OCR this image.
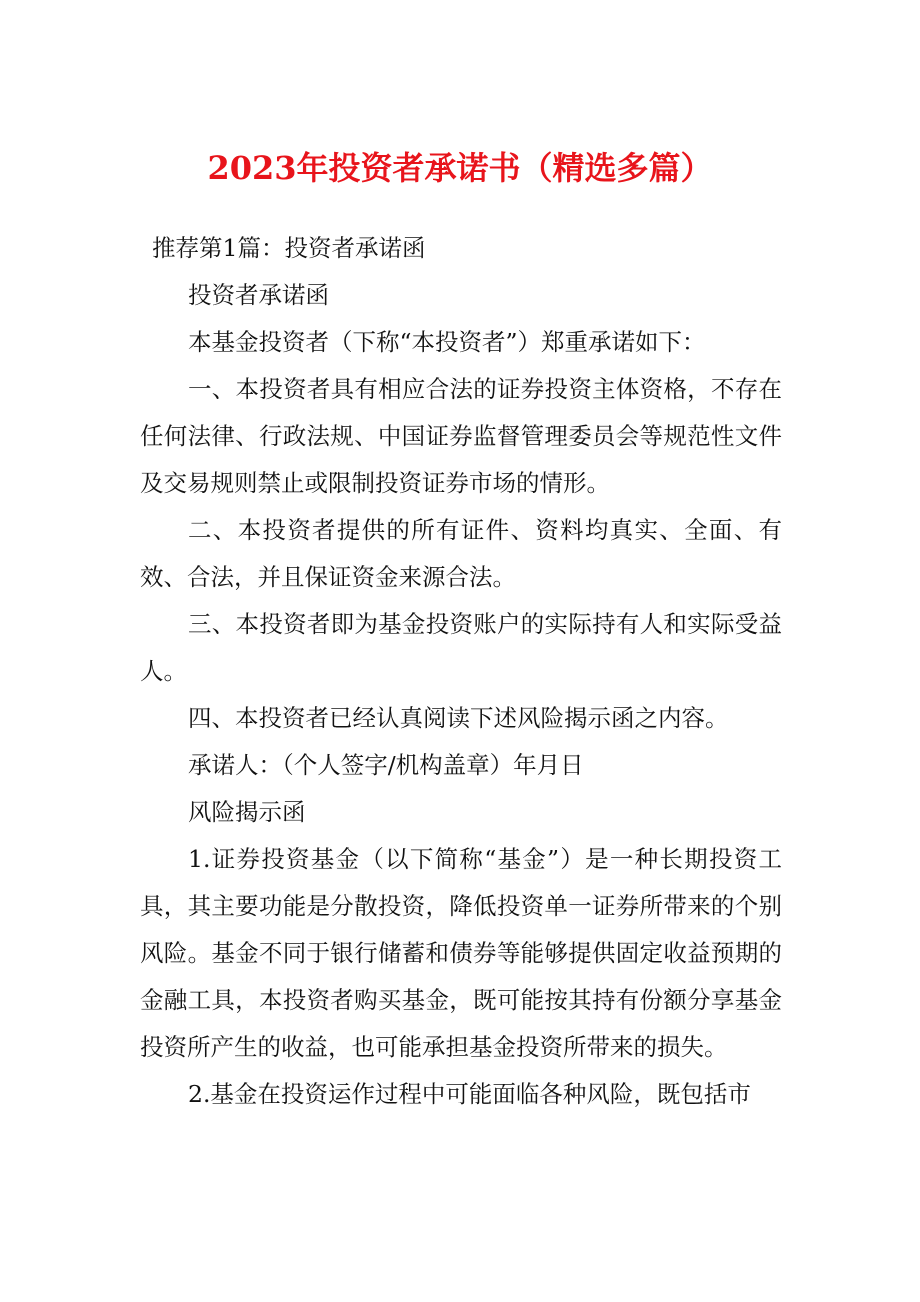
2023年投资者承诺书（精选多篇）

推荐第1篇：投资者承诺函

投资者承诺函

本基金投资者（下称“本投资者”）郑重承诺如下：

一、本投资者具有相应合法的证券投资主体资格，不存在任何法律、行政法规、中国证券监督管理委员会等规范性文件及交易规则禁止或限制投资证券市场的情形。

二、本投资者提供的所有证件、资料均真实、全面、有效、合法，并且保证资金来源合法。

三、本投资者即为基金投资账户的实际持有人和实际受益人。

四、本投资者已经认真阅读下述风险揭示函之内容。

承诺人：（个人签字/机构盖章）年月日

风险揭示函

1.证券投资基金（以下简称“基金”）是一种长期投资工具，其主要功能是分散投资，降低投资单一证券所带来的个别风险。基金不同于银行储蓄和债券等能够提供固定收益预期的金融工具，本投资者购买基金，既可能按其持有份额分享基金投资所产生的收益，也可能承担基金投资所带来的损失。

2.基金在投资运作过程中可能面临各种风险，既包括市
